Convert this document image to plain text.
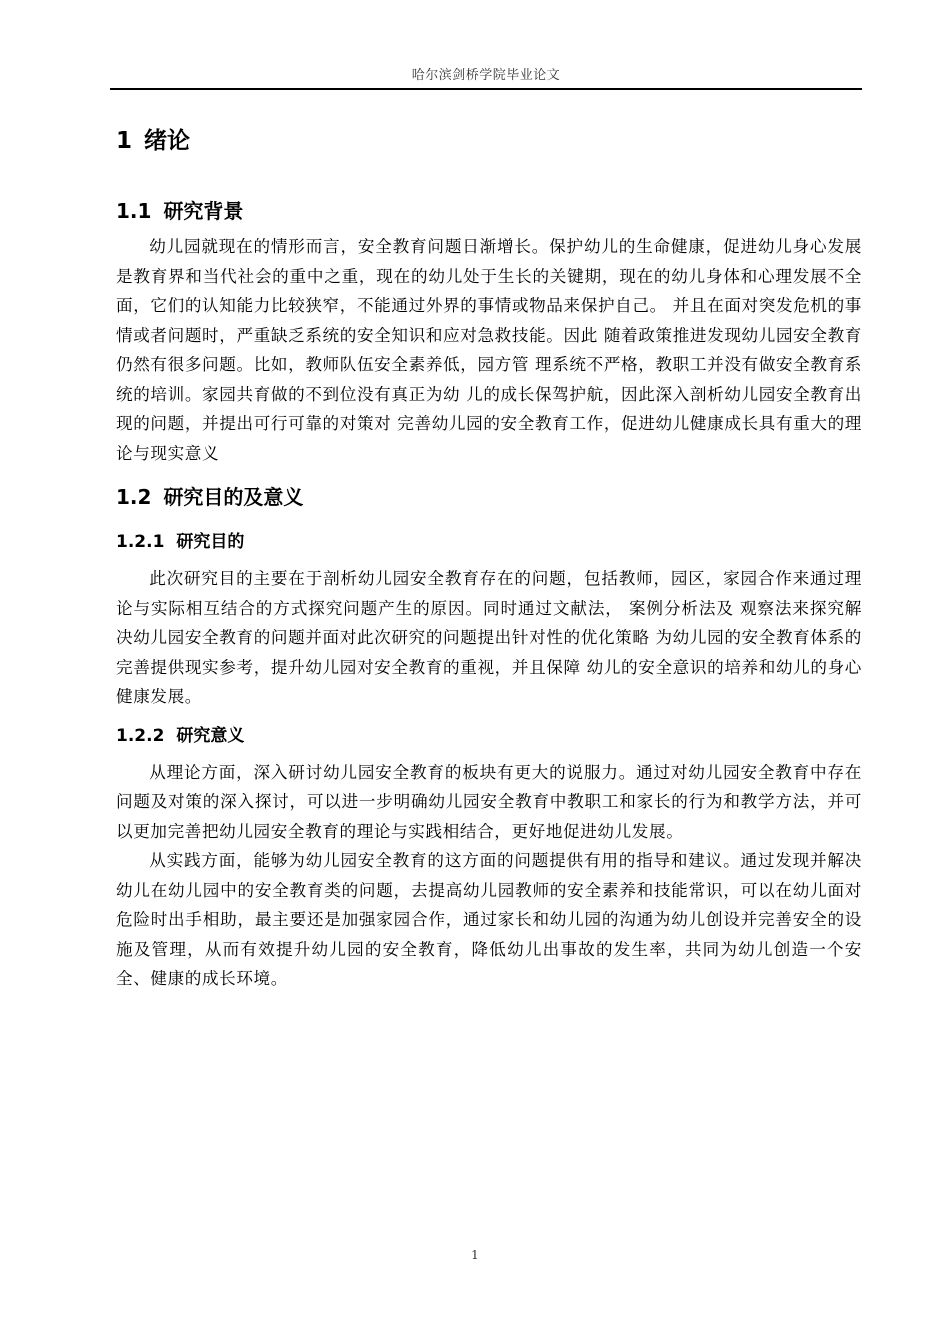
哈尔滨剑桥学院毕业论文
1 绪论
1.1 研究背景

幼儿园就现在的情形而言，安全教育问题日渐增长。保护幼儿的生命健康，促进幼儿身心发展是教育界和当代社会的重中之重，现在的幼儿处于生长的关键期，现在的幼儿身体和心理发展不全面，它们的认知能力比较狭窄，不能通过外界的事情或物品来保护自己。 并且在面对突发危机的事情或者问题时，严重缺乏系统的安全知识和应对急救技能。因此 随着政策推进发现幼儿园安全教育仍然有很多问题。比如，教师队伍安全素养低，园方管 理系统不严格，教职工并没有做安全教育系统的培训。家园共育做的不到位没有真正为幼 儿的成长保驾护航，因此深入剖析幼儿园安全教育出现的问题，并提出可行可靠的对策对 完善幼儿园的安全教育工作，促进幼儿健康成长具有重大的理论与现实意义

1.2 研究目的及意义
1.2.1 研究目的

此次研究目的主要在于剖析幼儿园安全教育存在的问题，包括教师，园区，家园合作来通过理论与实际相互结合的方式探究问题产生的原因。同时通过文献法， 案例分析法及 观察法来探究解决幼儿园安全教育的问题并面对此次研究的问题提出针对性的优化策略 为幼儿园的安全教育体系的完善提供现实参考，提升幼儿园对安全教育的重视，并且保障 幼儿的安全意识的培养和幼儿的身心健康发展。

1.2.2 研究意义

从理论方面，深入研讨幼儿园安全教育的板块有更大的说服力。通过对幼儿园安全教育中存在问题及对策的深入探讨，可以进一步明确幼儿园安全教育中教职工和家长的行为和教学方法，并可以更加完善把幼儿园安全教育的理论与实践相结合，更好地促进幼儿发展。

从实践方面，能够为幼儿园安全教育的这方面的问题提供有用的指导和建议。通过发现并解决幼儿在幼儿园中的安全教育类的问题，去提高幼儿园教师的安全素养和技能常识，可以在幼儿面对危险时出手相助，最主要还是加强家园合作，通过家长和幼儿园的沟通为幼儿创设并完善安全的设施及管理，从而有效提升幼儿园的安全教育，降低幼儿出事故的发生率，共同为幼儿创造一个安全、健康的成长环境。

1
